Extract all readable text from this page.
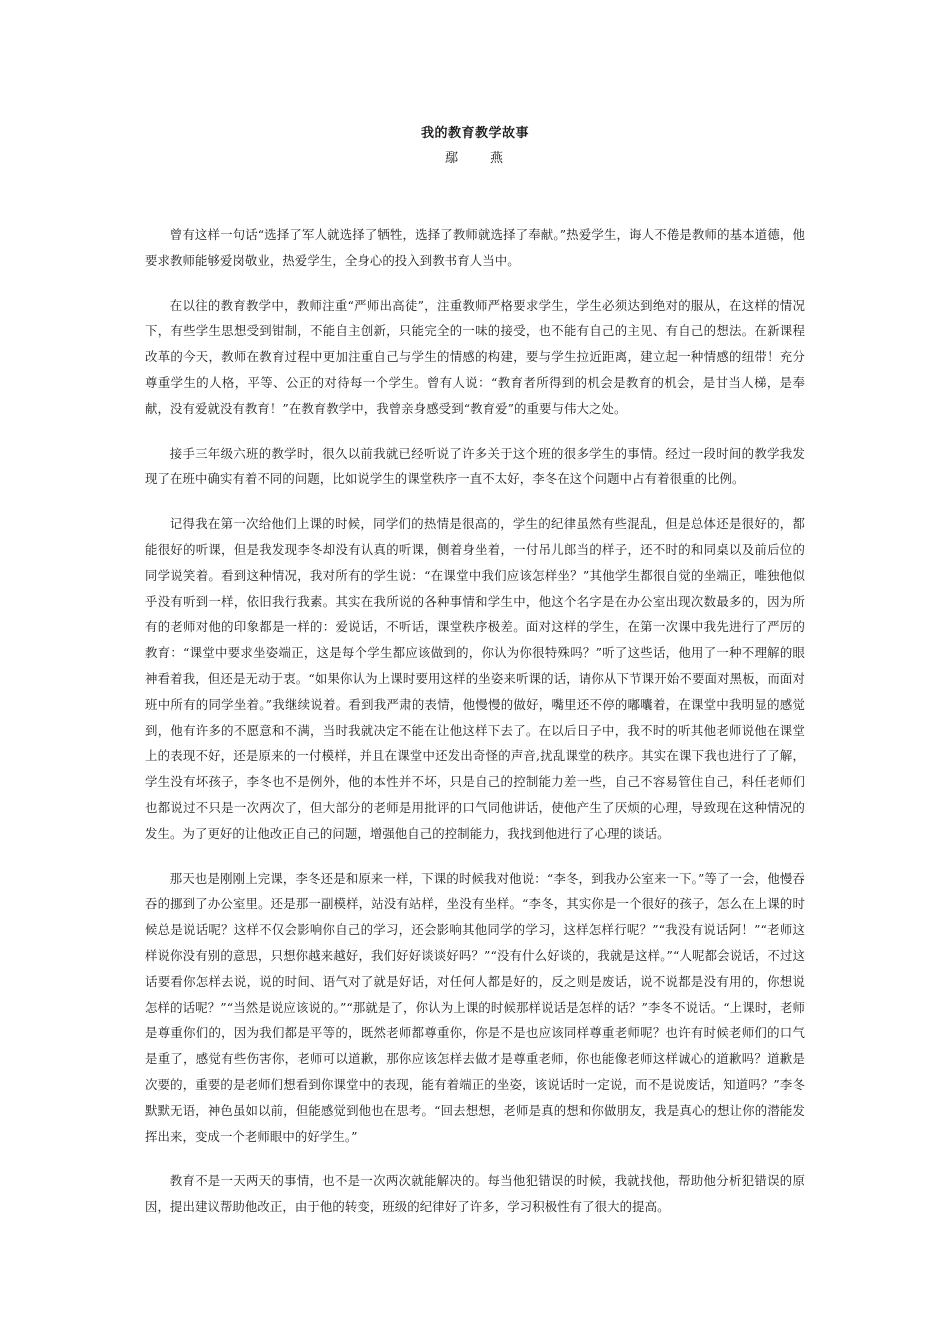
我的教育教学故事
鄢　　燕

曾有这样一句话“选择了军人就选择了牺牲，选择了教师就选择了奉献。”热爱学生，诲人不倦是教师的基本道德，他要求教师能够爱岗敬业，热爱学生，全身心的投入到教书育人当中。

在以往的教育教学中，教师注重“严师出高徒”，注重教师严格要求学生，学生必须达到绝对的服从，在这样的情况下，有些学生思想受到钳制，不能自主创新，只能完全的一味的接受，也不能有自己的主见、有自己的想法。在新课程改革的今天，教师在教育过程中更加注重自己与学生的情感的构建，要与学生拉近距离，建立起一种情感的纽带！充分尊重学生的人格，平等、公正的对待每一个学生。曾有人说：“教育者所得到的机会是教育的机会，是甘当人梯，是奉献，没有爱就没有教育！”在教育教学中，我曾亲身感受到“教育爱”的重要与伟大之处。

接手三年级六班的教学时，很久以前我就已经听说了许多关于这个班的很多学生的事情。经过一段时间的教学我发现了在班中确实有着不同的问题，比如说学生的课堂秩序一直不太好，李冬在这个问题中占有着很重的比例。

记得我在第一次给他们上课的时候，同学们的热情是很高的，学生的纪律虽然有些混乱，但是总体还是很好的，都能很好的听课，但是我发现李冬却没有认真的听课，侧着身坐着，一付吊儿郎当的样子，还不时的和同桌以及前后位的同学说笑着。看到这种情况，我对所有的学生说：“在课堂中我们应该怎样坐？”其他学生都很自觉的坐端正，唯独他似乎没有听到一样，依旧我行我素。其实在我所说的各种事情和学生中，他这个名字是在办公室出现次数最多的，因为所有的老师对他的印象都是一样的：爱说话，不听话，课堂秩序极差。面对这样的学生，在第一次课中我先进行了严厉的教育：“课堂中要求坐姿端正，这是每个学生都应该做到的，你认为你很特殊吗？”听了这些话，他用了一种不理解的眼神看着我，但还是无动于衷。“如果你认为上课时要用这样的坐姿来听课的话，请你从下节课开始不要面对黑板，而面对班中所有的同学坐着。”我继续说着。看到我严肃的表情，他慢慢的做好，嘴里还不停的嘟囔着，在课堂中我明显的感觉到，他有许多的不愿意和不满，当时我就决定不能在让他这样下去了。在以后日子中，我不时的听其他老师说他在课堂上的表现不好，还是原来的一付模样，并且在课堂中还发出奇怪的声音,扰乱课堂的秩序。其实在课下我也进行了了解，学生没有坏孩子，李冬也不是例外，他的本性并不坏，只是自己的控制能力差一些，自己不容易管住自己，科任老师们也都说过不只是一次两次了，但大部分的老师是用批评的口气同他讲话，使他产生了厌烦的心理，导致现在这种情况的发生。为了更好的让他改正自己的问题，增强他自己的控制能力，我找到他进行了心理的谈话。

那天也是刚刚上完课，李冬还是和原来一样，下课的时候我对他说：“李冬，到我办公室来一下。”等了一会，他慢吞吞的挪到了办公室里。还是那一副模样，站没有站样，坐没有坐样。“李冬，其实你是一个很好的孩子，怎么在上课的时候总是说话呢？这样不仅会影响你自己的学习，还会影响其他同学的学习，这样怎样行呢？”“我没有说话阿！”“老师这样说你没有别的意思，只想你越来越好，我们好好谈谈好吗？”“没有什么好谈的，我就是这样。”“人呢都会说话，不过这话要看你怎样去说，说的时间、语气对了就是好话，对任何人都是好的，反之则是废话，说不说都是没有用的，你想说怎样的话呢？”“当然是说应该说的。”“那就是了，你认为上课的时候那样说话是怎样的话？”李冬不说话。“上课时，老师是尊重你们的，因为我们都是平等的，既然老师都尊重你，你是不是也应该同样尊重老师呢？也许有时候老师们的口气是重了，感觉有些伤害你，老师可以道歉，那你应该怎样去做才是尊重老师，你也能像老师这样诚心的道歉吗？道歉是次要的，重要的是老师们想看到你课堂中的表现，能有着端正的坐姿，该说话时一定说，而不是说废话，知道吗？”李冬默默无语，神色虽如以前，但能感觉到他也在思考。“回去想想，老师是真的想和你做朋友，我是真心的想让你的潜能发挥出来，变成一个老师眼中的好学生。”

教育不是一天两天的事情，也不是一次两次就能解决的。每当他犯错误的时候，我就找他，帮助他分析犯错误的原因，提出建议帮助他改正，由于他的转变，班级的纪律好了许多，学习积极性有了很大的提高。
